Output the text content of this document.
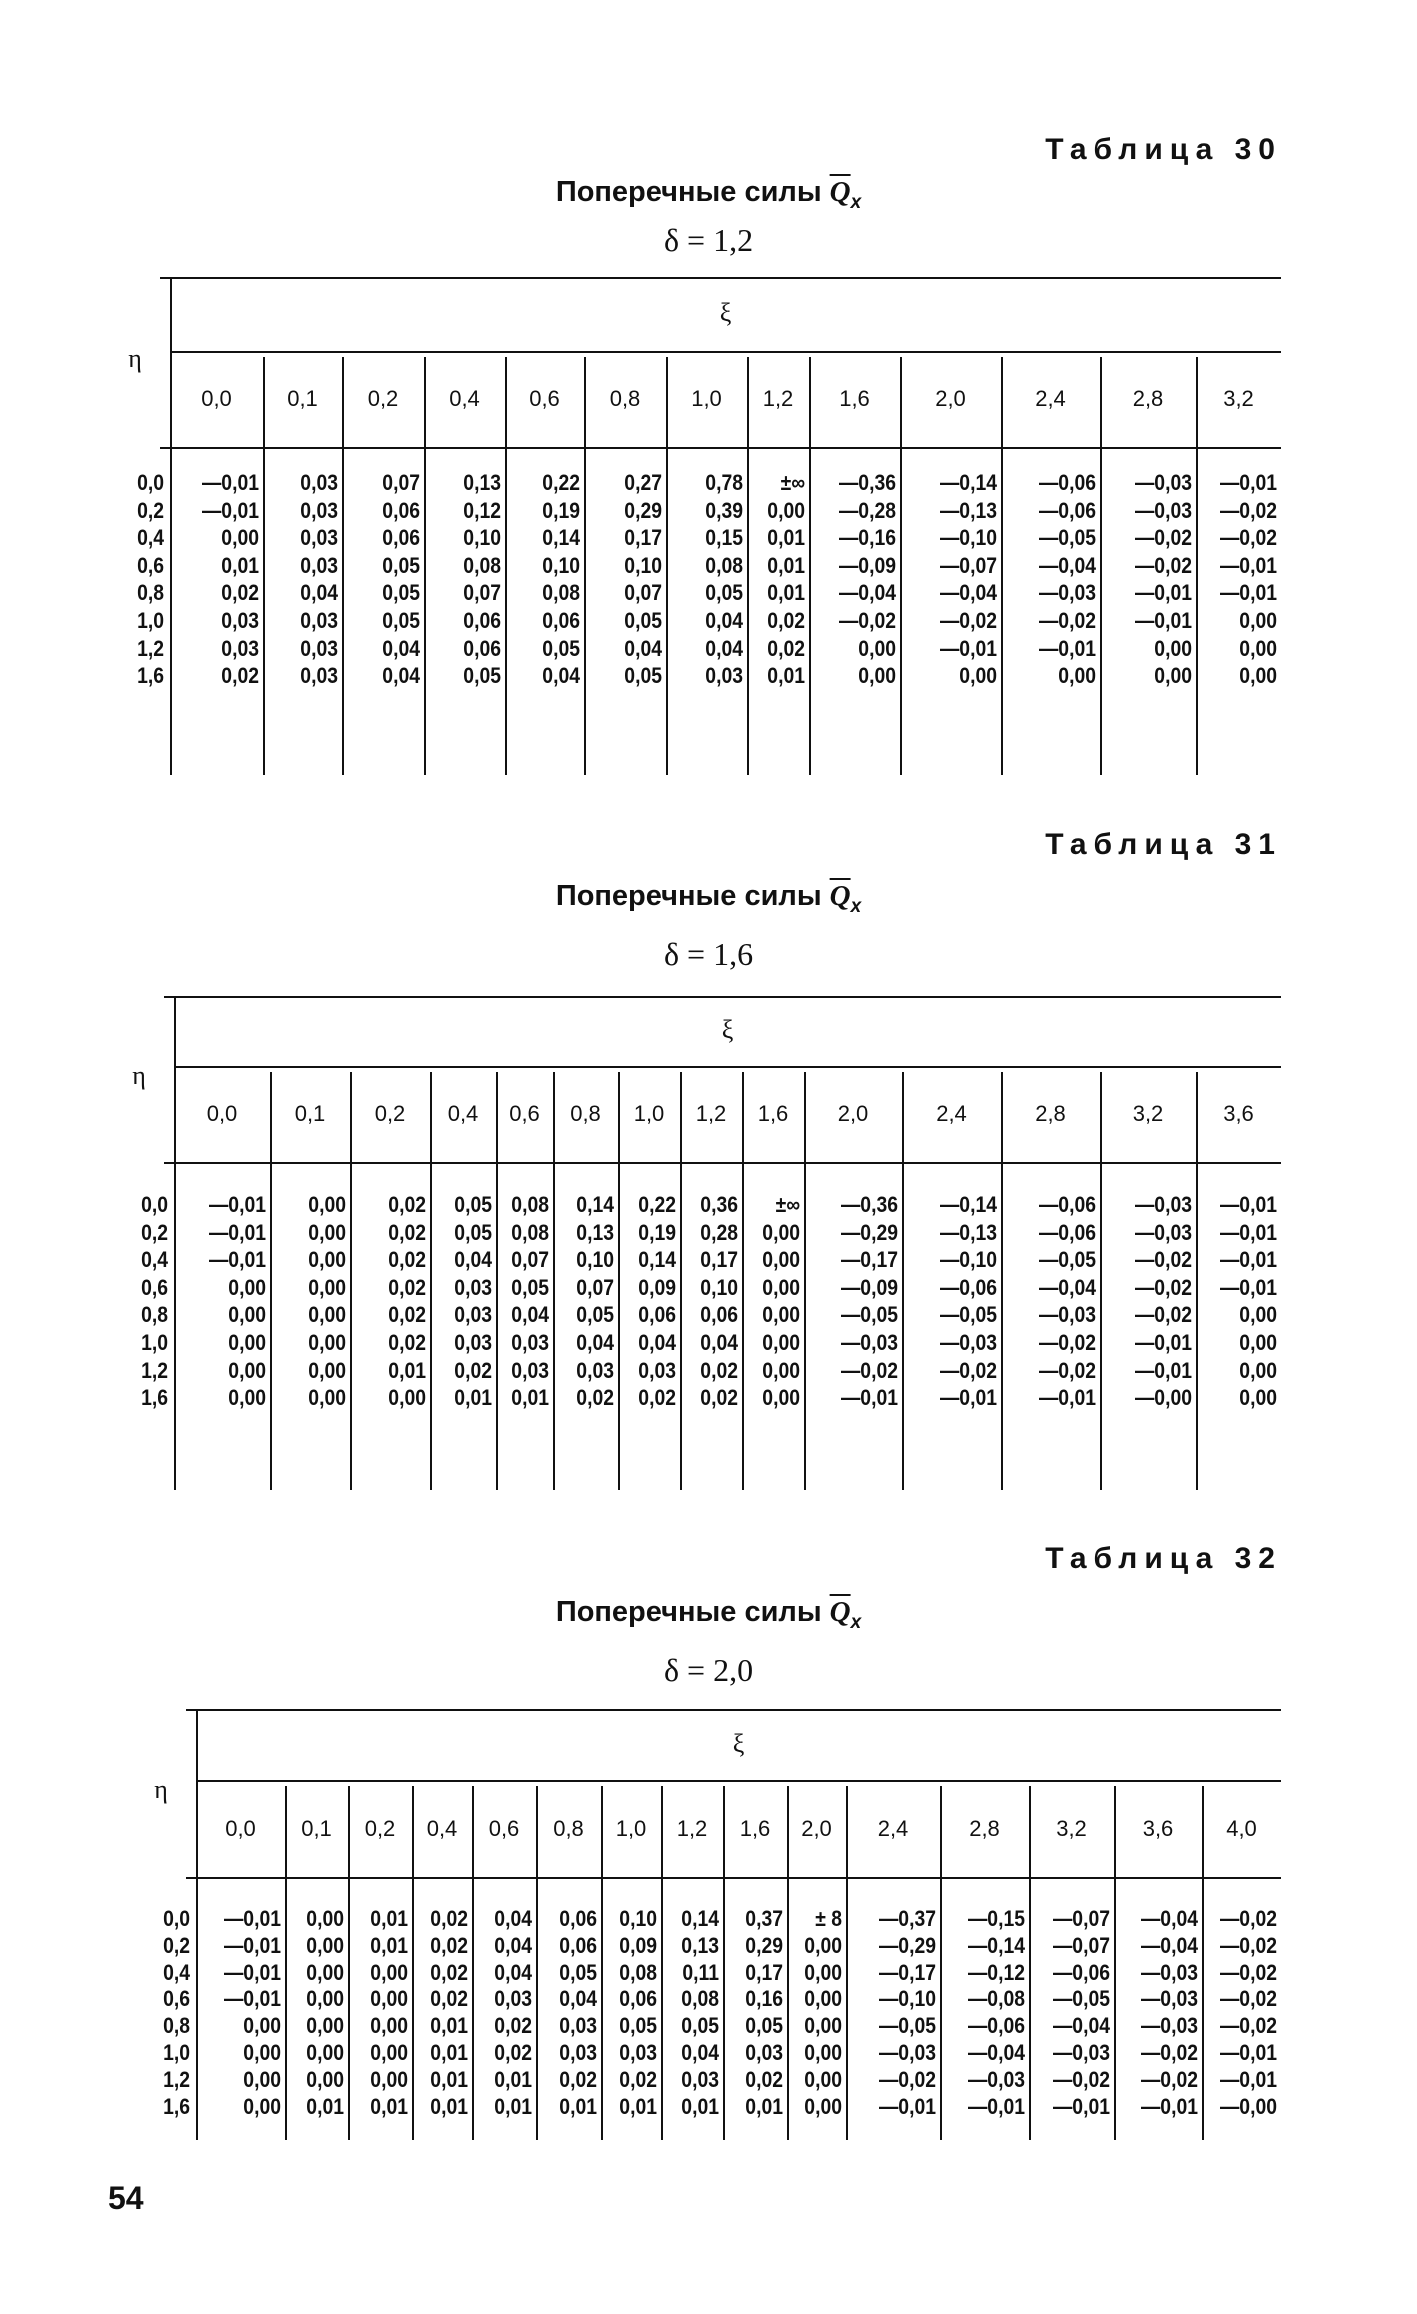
Таблица 30
Поперечные силы $\overline{Q}_x$
δ = 1,2
ξ
η
0,0	0,1	0,2	0,4	0,6	0,8	1,0	1,2	1,6	2,0	2,4	2,8	3,2
0,0	—0,01	0,03	0,07	0,13	0,22	0,27	0,78	±∞	—0,36	—0,14	—0,06	—0,03	—0,01
0,2	—0,01	0,03	0,06	0,12	0,19	0,29	0,39	0,00	—0,28	—0,13	—0,06	—0,03	—0,02
0,4	0,00	0,03	0,06	0,10	0,14	0,17	0,15	0,01	—0,16	—0,10	—0,05	—0,02	—0,02
0,6	0,01	0,03	0,05	0,08	0,10	0,10	0,08	0,01	—0,09	—0,07	—0,04	—0,02	—0,01
0,8	0,02	0,04	0,05	0,07	0,08	0,07	0,05	0,01	—0,04	—0,04	—0,03	—0,01	—0,01
1,0	0,03	0,03	0,05	0,06	0,06	0,05	0,04	0,02	—0,02	—0,02	—0,02	—0,01	0,00
1,2	0,03	0,03	0,04	0,06	0,05	0,04	0,04	0,02	0,00	—0,01	—0,01	0,00	0,00
1,6	0,02	0,03	0,04	0,05	0,04	0,05	0,03	0,01	0,00	0,00	0,00	0,00	0,00
Таблица 31
Поперечные силы $\overline{Q}_x$
δ = 1,6
ξ
η
0,0	0,1	0,2	0,4	0,6	0,8	1,0	1,2	1,6	2,0	2,4	2,8	3,2	3,6
0,0	—0,01	0,00	0,02	0,05 0,08	0,14	0,22	0,36	±∞	—0,36	—0,14	—0,06	—0,03	—0,01
0,2	—0,01	0,00	0,02	0,05 0,08	0,13	0,19	0,28	0,00	—0,29	—0,13	—0,06	—0,03	—0,01
0,4	—0,01	0,00	0,02	0,04 0,07	0,10	0,14	0,17	0,00	—0,17	—0,10	—0,05	—0,02	—0,01
0,6	0,00	0,00	0,02	0,03 0,05	0,07	0,09	0,10	0,00	—0,09	—0,06	—0,04	—0,02	—0,01
0,8	0,00	0,00	0,02	0,03 0,04	0,05	0,06	0,06	0,00	—0,05	—0,05	—0,03	—0,02	0,00
1,0	0,00	0,00	0,02	0,03 0,03	0,04	0,04	0,04	0,00	—0,03	—0,03	—0,02	—0,01	0,00
1,2	0,00	0,00	0,01	0,02 0,03	0,03	0,03	0,02	0,00	—0,02	—0,02	—0,02	—0,01	0,00
1,6	0,00	0,00	0,00	0,01 0,01	0,02	0,02	0,02	0,00	—0,01	—0,01	—0,01	—0,00	0,00
Таблица 32
Поперечные силы $\overline{Q}_x$
δ = 2,0
ξ
η
0,0	0,1	0,2	0,4	0,6	0,8	1,0	1,2	1,6	2,0	2,4	2,8	3,2	3,6	4,0
0,0	—0,01	0,00	0,01	0,02	0,04	0,06	0,10	0,14	0,37	± 8	—0,37	—0,15	—0,07	—0,04 —0,02
0,2	—0,01	0,00	0,01	0,02	0,04	0,06	0,09	0,13	0,29 0,00	—0,29	—0,14	—0,07	—0,04 —0,02
0,4	—0,01	0,00	0,00	0,02	0,04	0,05	0,08	0,11	0,17 0,00	—0,17	—0,12	—0,06	—0,03 —0,02
0,6	—0,01	0,00	0,00	0,02	0,03	0,04	0,06	0,08	0,16 0,00	—0,10	—0,08	—0,05	—0,03 —0,02
0,8	0,00	0,00	0,00	0,01	0,02	0,03	0,05	0,05	0,05 0,00	—0,05	—0,06	—0,04	—0,03 —0,02
1,0	0,00	0,00	0,00	0,01	0,02	0,03	0,03	0,04	0,03 0,00	—0,03	—0,04	—0,03	—0,02 —0,01
1,2	0,00	0,00	0,00	0,01	0,01	0,02	0,02	0,03	0,02 0,00	—0,02	—0,03	—0,02	—0,02 —0,01
1,6	0,00	0,01	0,01	0,01	0,01	0,01	0,01	0,01	0,01 0,00	—0,01	—0,01	—0,01	—0,01 —0,00
54
